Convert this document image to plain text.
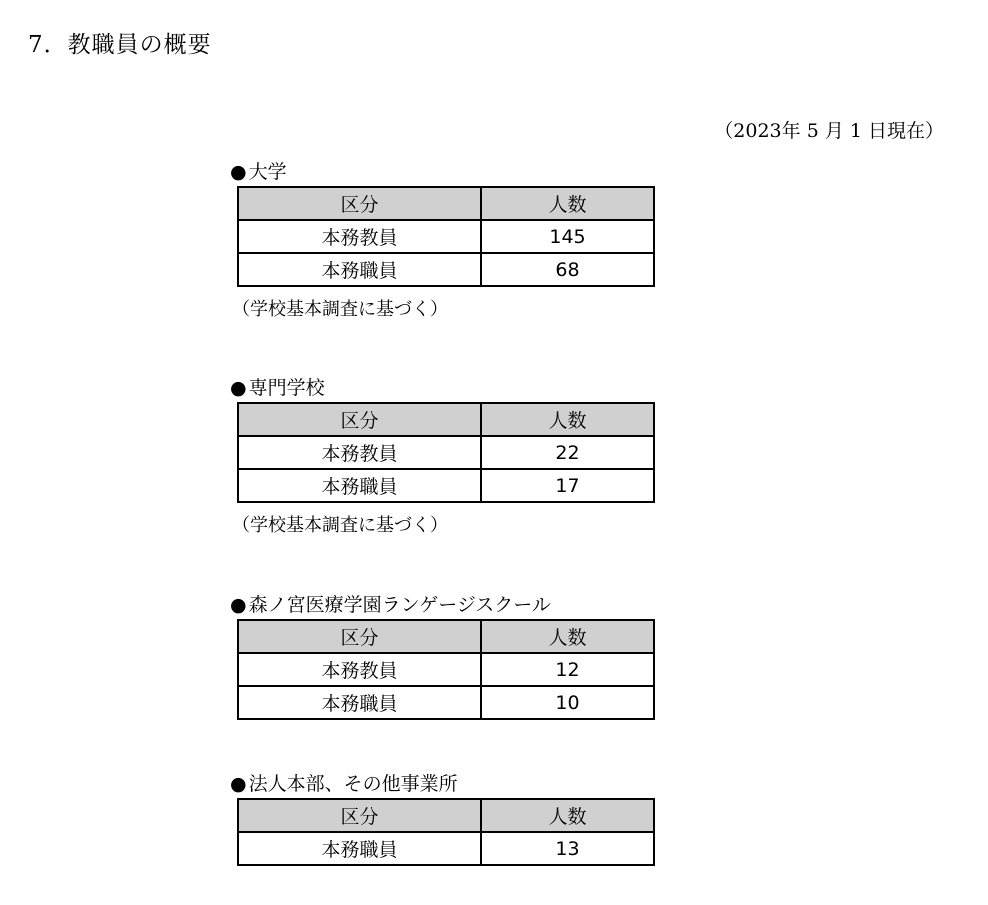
7．教職員の概要
（2023年 5 月 1 日現在）
● 大学
区分	人数
本務教員	145
本務職員	68
（学校基本調査に基づく）
● 専門学校
区分	人数
本務教員	22
本務職員	17
（学校基本調査に基づく）
● 森ノ宮医療学園ランゲージスクール
区分	人数
本務教員	12
本務職員	10
● 法人本部、その他事業所
区分	人数
本務職員	13
